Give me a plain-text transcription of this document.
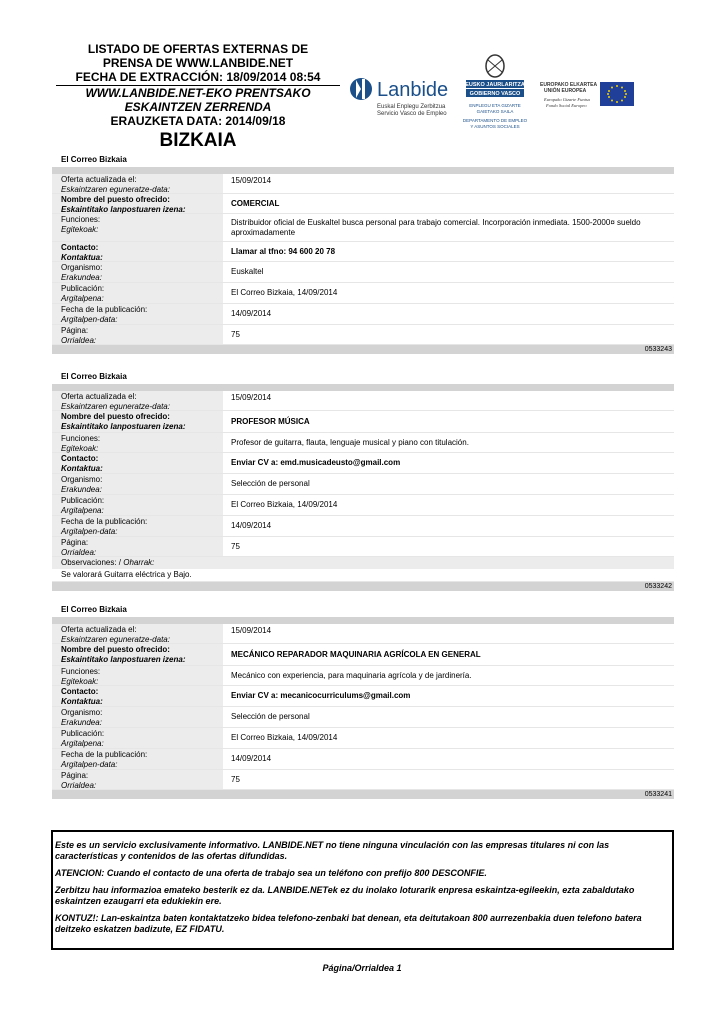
LISTADO DE OFERTAS EXTERNAS DE
PRENSA DE WWW.LANBIDE.NET
FECHA DE EXTRACCIÓN: 18/09/2014 08:54
WWW.LANBIDE.NET-EKO PRENTSAKO
ESKAINTZEN ZERRENDA
ERAUZKETA DATA: 2014/09/18
BIZKAIA
Lanbide
Euskal Enplegu Zerbitzua
Servicio Vasco de Empleo
EUSKO JAURLARITZA
GOBIERNO VASCO
ENPLEGU ETA GIZARTE
GAIETAKO SAILA
DEPARTAMENTO DE EMPLEO
Y ASUNTOS SOCIALES
EUROPAKO ELKARTEA
UNIÓN EUROPEA
Europako Gizarte Funtsa
Fondo Social Europeo
El Correo Bizkaia
Oferta actualizada el:
Eskaintzaren eguneratze-data:
15/09/2014
Nombre del puesto ofrecido:
Eskaintitako lanpostuaren izena:
COMERCIAL
Funciones:
Egitekoak:
Distribuidor oficial de Euskaltel busca personal para trabajo comercial. Incorporación inmediata. 1500-2000¤ sueldo aproximadamente
Contacto:
Kontaktua:
Llamar al tfno: 94 600 20 78
Organismo:
Erakundea:
Euskaltel
Publicación:
Argitalpena:
El Correo Bizkaia, 14/09/2014
Fecha de la publicación:
Argitalpen-data:
14/09/2014
Página:
Orrialdea:
75
0533243
El Correo Bizkaia
Oferta actualizada el:
Eskaintzaren eguneratze-data:
15/09/2014
Nombre del puesto ofrecido:
Eskaintitako lanpostuaren izena:
PROFESOR MÚSICA
Funciones:
Egitekoak:
Profesor de guitarra, flauta, lenguaje musical y piano con titulación.
Contacto:
Kontaktua:
Enviar CV a: emd.musicadeusto@gmail.com
Organismo:
Erakundea:
Selección de personal
Publicación:
Argitalpena:
El Correo Bizkaia, 14/09/2014
Fecha de la publicación:
Argitalpen-data:
14/09/2014
Página:
Orrialdea:
75
Observaciones: / Oharrak:
Se valorará Guitarra eléctrica y Bajo.
0533242
El Correo Bizkaia
Oferta actualizada el:
Eskaintzaren eguneratze-data:
15/09/2014
Nombre del puesto ofrecido:
Eskaintitako lanpostuaren izena:
MECÁNICO REPARADOR MAQUINARIA AGRÍCOLA EN GENERAL
Funciones:
Egitekoak:
Mecánico con experiencia, para maquinaria agrícola y de jardinería.
Contacto:
Kontaktua:
Enviar CV a: mecanicocurriculums@gmail.com
Organismo:
Erakundea:
Selección de personal
Publicación:
Argitalpena:
El Correo Bizkaia, 14/09/2014
Fecha de la publicación:
Argitalpen-data:
14/09/2014
Página:
Orrialdea:
75
0533241

Este es un servicio exclusivamente informativo. LANBIDE.NET no tiene ninguna vinculación con las empresas titulares ni con las características y contenidos de las ofertas difundidas.

ATENCION: Cuando el contacto de una oferta de trabajo sea un teléfono con prefijo 800 DESCONFIE.

Zerbitzu hau informazioa emateko besterik ez da. LANBIDE.NETek ez du inolako loturarik enpresa eskaintza-egileekin, ezta zabaldutako eskaintzen ezaugarri eta edukiekin ere.

KONTUZ!: Lan-eskaintza baten kontaktatzeko bidea telefono-zenbaki bat denean, eta deitutakoan 800 aurrezenbakia duen telefono batera deitzeko eskatzen badizute, EZ FIDATU.

Página/Orrialdea 1
